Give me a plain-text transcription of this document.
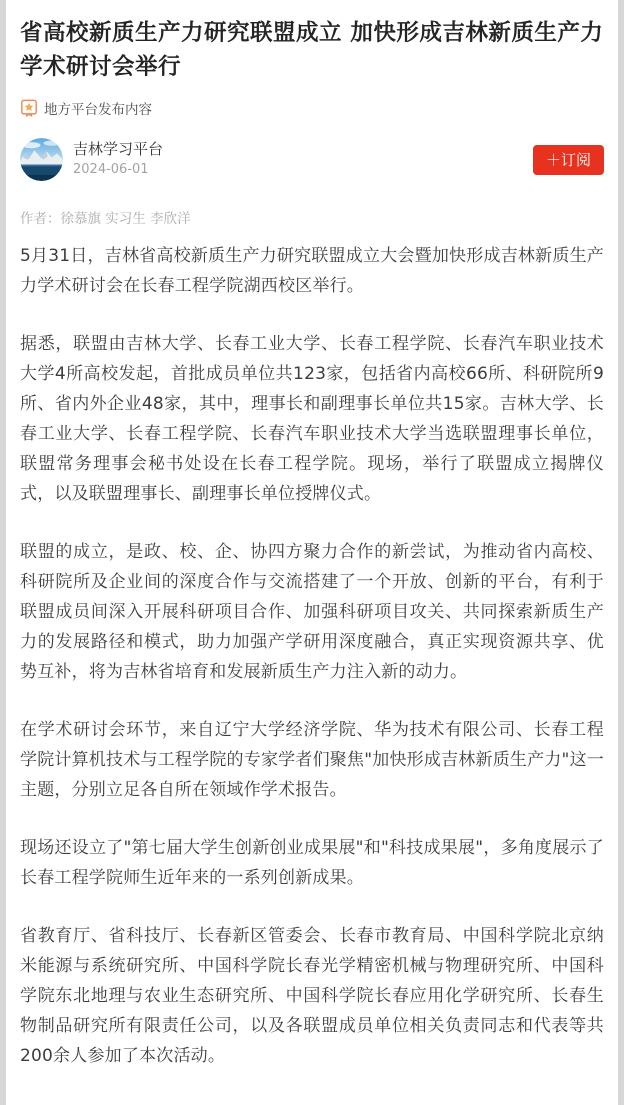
省高校新质生产力研究联盟成立 加快形成吉林新质生产力学术研讨会举行
地方平台发布内容
吉林学习平台
2024-06-01
＋订阅
作者：徐慕旗 实习生 李欣洋

5月31日，吉林省高校新质生产力研究联盟成立大会暨加快形成吉林新质生产力学术研讨会在长春工程学院湖西校区举行。

据悉，联盟由吉林大学、长春工业大学、长春工程学院、长春汽车职业技术大学4所高校发起，首批成员单位共123家，包括省内高校66所、科研院所9所、省内外企业48家，其中，理事长和副理事长单位共15家。吉林大学、长春工业大学、长春工程学院、长春汽车职业技术大学当选联盟理事长单位，联盟常务理事会秘书处设在长春工程学院。现场，举行了联盟成立揭牌仪式，以及联盟理事长、副理事长单位授牌仪式。

联盟的成立，是政、校、企、协四方聚力合作的新尝试，为推动省内高校、科研院所及企业间的深度合作与交流搭建了一个开放、创新的平台，有利于联盟成员间深入开展科研项目合作、加强科研项目攻关、共同探索新质生产力的发展路径和模式，助力加强产学研用深度融合，真正实现资源共享、优势互补，将为吉林省培育和发展新质生产力注入新的动力。

在学术研讨会环节，来自辽宁大学经济学院、华为技术有限公司、长春工程学院计算机技术与工程学院的专家学者们聚焦"加快形成吉林新质生产力"这一主题，分别立足各自所在领域作学术报告。

现场还设立了"第七届大学生创新创业成果展"和"科技成果展"，多角度展示了长春工程学院师生近年来的一系列创新成果。

省教育厅、省科技厅、长春新区管委会、长春市教育局、中国科学院北京纳米能源与系统研究所、中国科学院长春光学精密机械与物理研究所、中国科学院东北地理与农业生态研究所、中国科学院长春应用化学研究所、长春生物制品研究所有限责任公司，以及各联盟成员单位相关负责同志和代表等共200余人参加了本次活动。
